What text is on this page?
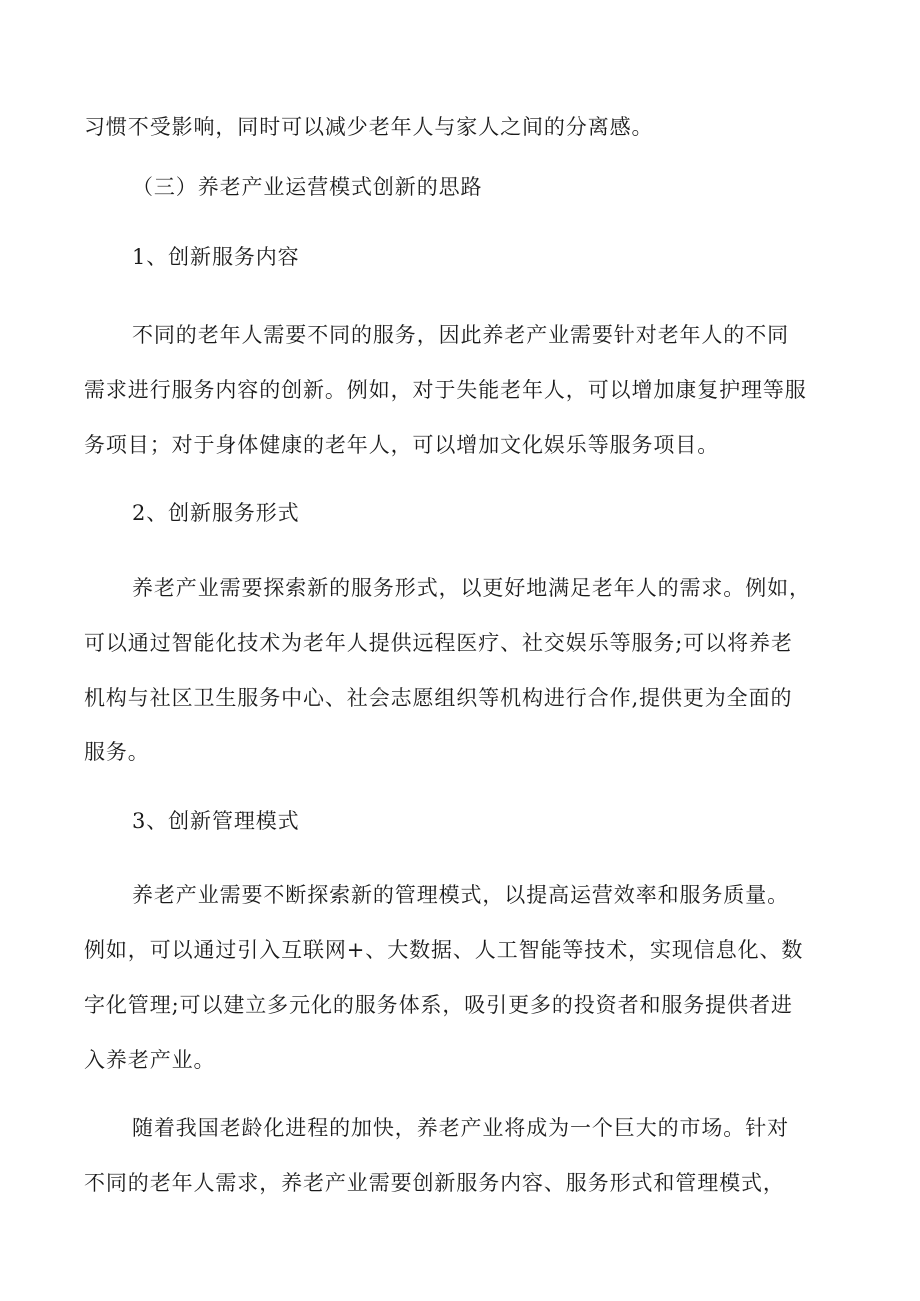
习惯不受影响，同时可以减少老年人与家人之间的分离感。
（三）养老产业运营模式创新的思路
1、创新服务内容
不同的老年人需要不同的服务，因此养老产业需要针对老年人的不同
需求进行服务内容的创新。例如，对于失能老年人，可以增加康复护理等服
务项目；对于身体健康的老年人，可以增加文化娱乐等服务项目。
2、创新服务形式
养老产业需要探索新的服务形式，以更好地满足老年人的需求。例如，
可以通过智能化技术为老年人提供远程医疗、社交娱乐等服务;可以将养老
机构与社区卫生服务中心、社会志愿组织等机构进行合作,提供更为全面的
服务。
3、创新管理模式
养老产业需要不断探索新的管理模式，以提高运营效率和服务质量。
例如，可以通过引入互联网+、大数据、人工智能等技术，实现信息化、数
字化管理;可以建立多元化的服务体系，吸引更多的投资者和服务提供者进
入养老产业。
随着我国老龄化进程的加快，养老产业将成为一个巨大的市场。针对
不同的老年人需求，养老产业需要创新服务内容、服务形式和管理模式，
